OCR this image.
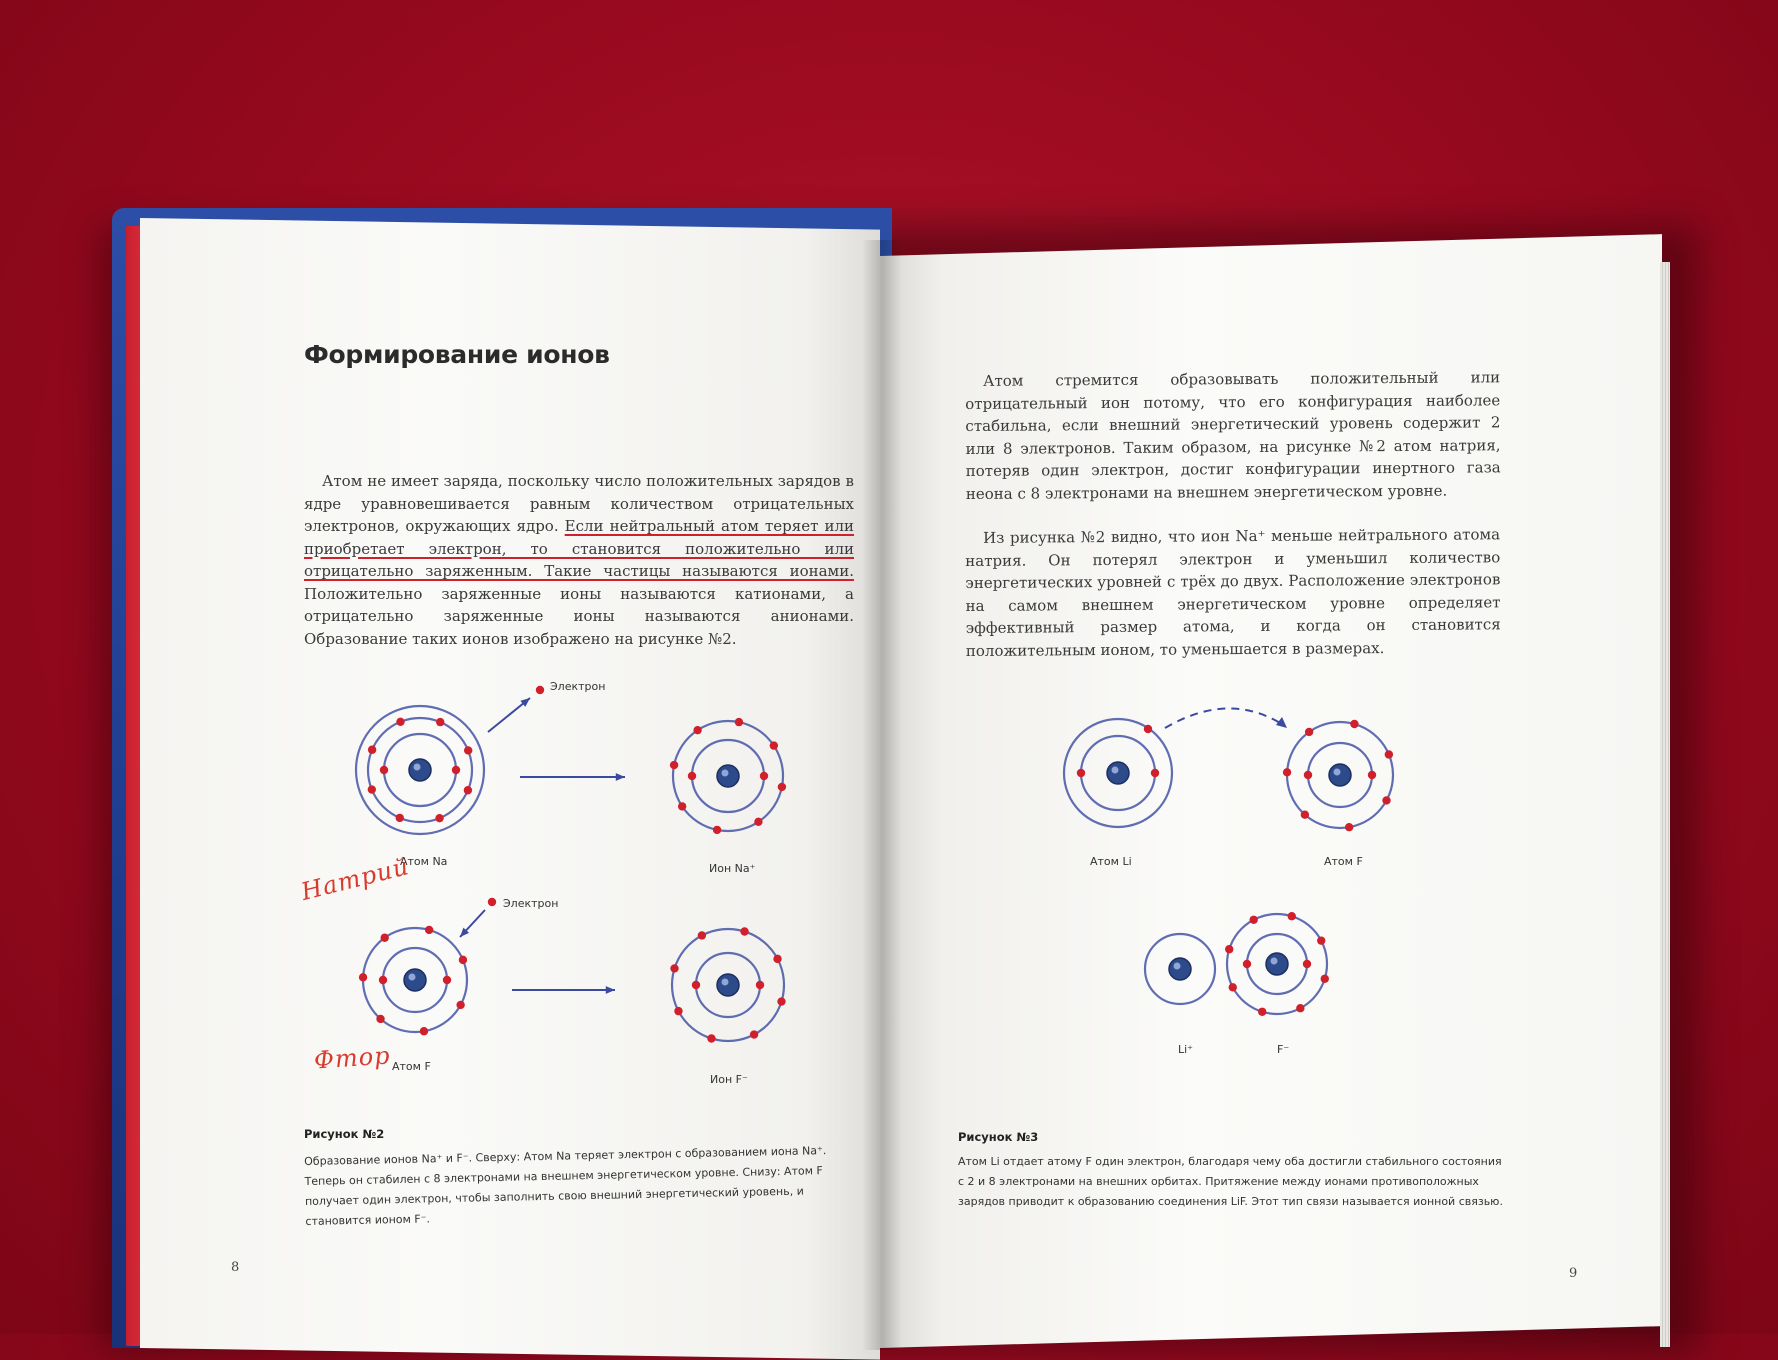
Формирование ионов

Атом не имеет заряда, поскольку число положительных зарядов в ядре уравновешивается равным количеством отрицательных электронов, окружающих ядро. Если нейтральный атом теряет или приобретает электрон, то становится положительно или отрицательно заряженным. Такие частицы называются ионами. Положительно заряженные ионы называются катионами, а отрицательно заряженные ионы называются анионами. Образование таких ионов изображено на рисунке №2.

Электрон
Атом Na
Ион Na⁺
Электрон
Атом F
Ион F⁻
Натрий
Фтор
Рисунок №2

Образование ионов Na⁺ и F⁻. Сверху: Атом Na теряет электрон с образованием иона Na⁺. Теперь он стабилен с 8 электронами на внешнем энергетическом уровне. Снизу: Атом F получает один электрон, чтобы заполнить свою внешний энергетический уровень, и становится ионом F⁻.

8

Атом стремится образовывать положительный или отрицательный ион потому, что его конфигурация наиболее стабильна, если внешний энергетический уровень содержит 2 или 8 электронов. Таким образом, на рисунке №2 атом натрия, потеряв один электрон, достиг конфигурации инертного газа неона с 8 электронами на внешнем энергетическом уровне.

Из рисунка №2 видно, что ион Na⁺ меньше нейтрального атома натрия. Он потерял электрон и уменьшил количество энергетических уровней с трёх до двух. Расположение электронов на самом внешнем энергетическом уровне определяет эффективный размер атома, и когда он становится положительным ионом, то уменьшается в размерах.

Атом Li	Атом F
Li⁺	F⁻
Рисунок №3

Атом Li отдает атому F один электрон, благодаря чему оба достигли стабильного состояния с 2 и 8 электронами на внешних орбитах. Притяжение между ионами противоположных зарядов приводит к образованию соединения LiF. Этот тип связи называется ионной связью.

9
